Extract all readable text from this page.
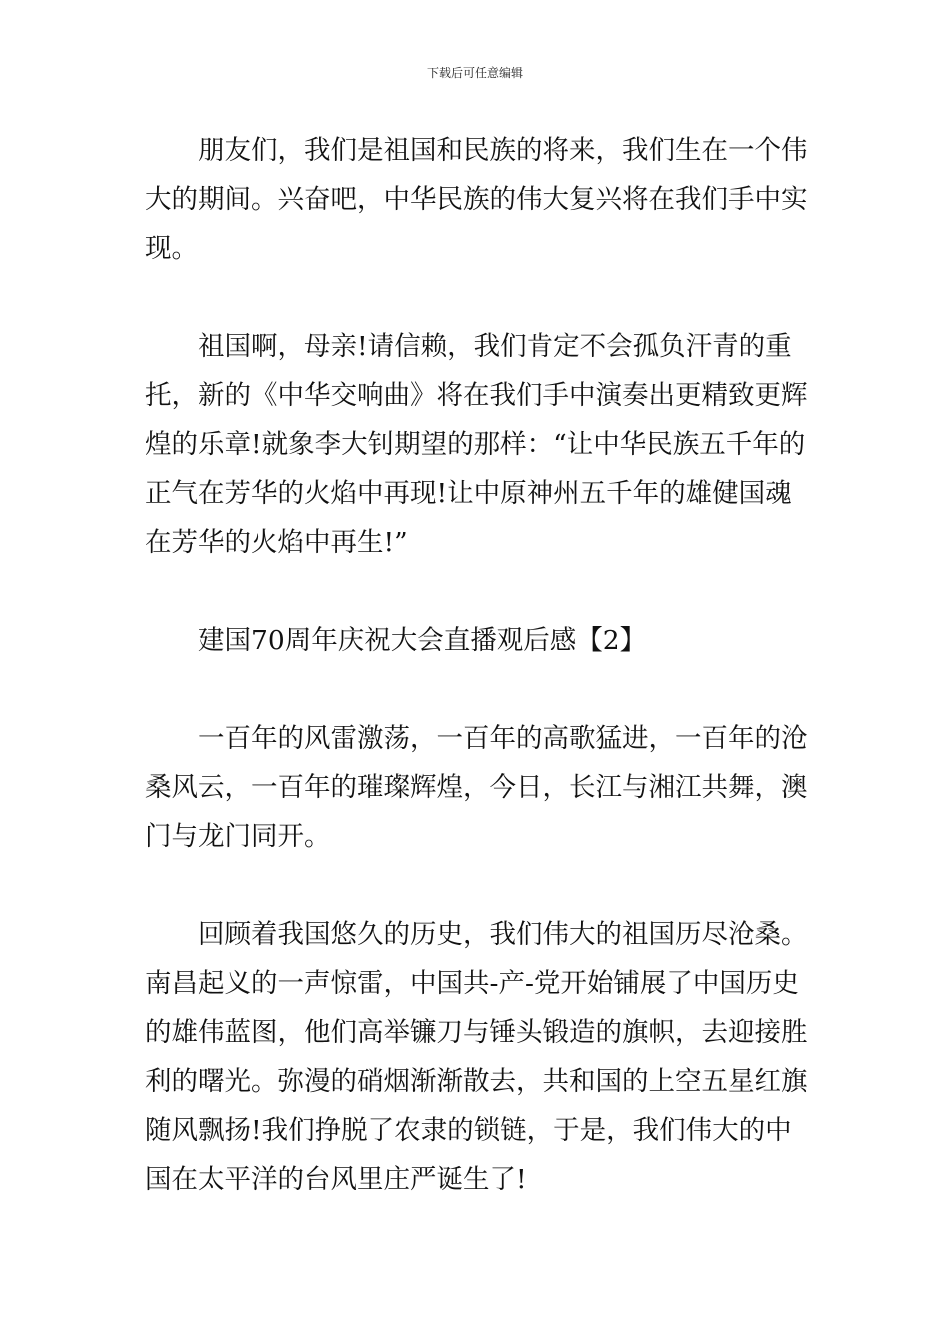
下载后可任意编辑

朋友们，我们是祖国和民族的将来，我们生在一个伟大的期间。兴奋吧，中华民族的伟大复兴将在我们手中实现。

祖国啊，母亲!请信赖，我们肯定不会孤负汗青的重托，新的《中华交响曲》将在我们手中演奏出更精致更辉煌的乐章!就象李大钊期望的那样：“让中华民族五千年的正气在芳华的火焰中再现!让中原神州五千年的雄健国魂在芳华的火焰中再生!”

建国70周年庆祝大会直播观后感【2】

一百年的风雷激荡，一百年的高歌猛进，一百年的沧桑风云，一百年的璀璨辉煌，今日，长江与湘江共舞，澳门与龙门同开。

回顾着我国悠久的历史，我们伟大的祖国历尽沧桑。南昌起义的一声惊雷，中国共-产-党开始铺展了中国历史的雄伟蓝图，他们高举镰刀与锤头锻造的旗帜，去迎接胜利的曙光。弥漫的硝烟渐渐散去，共和国的上空五星红旗随风飘扬!我们挣脱了农隶的锁链，于是，我们伟大的中国在太平洋的台风里庄严诞生了!
